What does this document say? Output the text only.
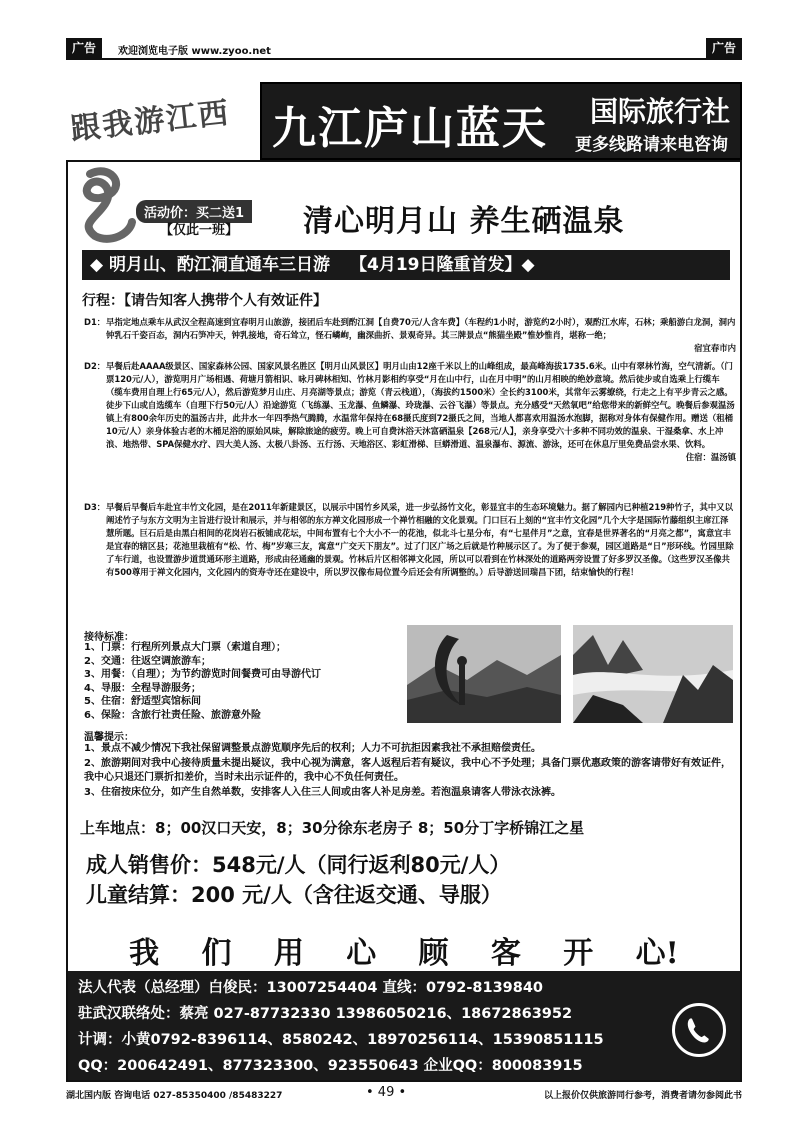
广告	欢迎浏览电子版 www.zyoo.net	广告
跟我游江西 九江庐山蓝天 国际旅行社
更多线路请来电咨询
活动价：买二送1
【仅此一班】 清心明月山 养生硒温泉
◆ 明月山、酌江洞直通车三日游 【4月19日隆重首发】◆
行程：【请告知客人携带个人有效证件】
D1： 早指定地点乘车从武汉全程高速到宜春明月山旅游，接团后车赴到酌江洞【自费70元/人含车费】（车程约1小时，游览约2小时），观酌江水库，石林；乘船游白龙洞，洞内钟乳石千姿百态，洞内石笋冲天，钟乳接地，奇石耸立，怪石嶙峋，幽深曲折、景观奇异。其三牌景点“熊猫坐殿”惟妙惟肖，堪称一绝；
宿宜春市内
D2： 早餐后赴AAAA级景区、国家森林公园、国家风景名胜区【明月山风景区】明月山由12座千米以上的山峰组成，最高峰海拔1735.6米。山中有翠林竹海，空气清新。（门票120元/人），游览明月广场相遇、荷塘月箭相识、咏月碑林相知、竹林月影相约享受“月在山中行，山在月中明”的山月相映的绝妙意境。然后徒步或自选乘上行缆车（缆车费用自理上行65元/人），然后游览梦月山庄、月亮湖等景点；游览（青云栈道），（海拔约1500米）全长约3100米，其常年云雾缭绕，行走之上有平步青云之感。徒步下山或自选缆车（自理下行50元/人）沿途游览（飞练瀑、玉龙瀑、鱼鳞瀑、玲珑瀑、云谷飞瀑）等景点。充分感受“天然氧吧”给您带来的新鲜空气。晚餐后参观温汤镇上有800余年历史的温汤古井，此井水一年四季热气腾腾，水温常年保持在68摄氏度到72摄氏之间，当地人都喜欢用温汤水泡脚，据称对身体有保健作用。赠送（租桶10元/人）亲身体验古老的木桶足浴的原始风味，解除旅途的疲劳。晚上可自费沐浴天沐富硒温泉【268元/人】，亲身享受六十多种不同功效的温泉、干湿桑拿、水上冲浪、地热带、SPA保健水疗、四大美人汤、太极八卦汤、五行汤、天地浴区、彩虹滑梯、巨蟒滑道、温泉瀑布、源流、游泳，还可在休息厅里免费品尝水果、饮料。
住宿：温汤镇
D3： 早餐后早餐后车赴宜丰竹文化园，是在2011年新建景区，以展示中国竹乡风采，进一步弘扬竹文化，彰显宜丰的生态环境魅力。据了解园内已种植219种竹子，其中又以阐述竹子与东方文明为主旨进行设计和展示，并与相邻的东方禅文化园形成一个禅竹相融的文化景观。门口巨石上刻的“宜丰竹文化园”几个大字是国际竹藤组织主席江泽慧所题。巨石后是由黑白相间的花岗岩石板铺成花坛，中间布置有七个大小不一的花池，似北斗七星分布，有“七星伴月”之意，宜春是世界著名的“月亮之都”，寓意宜丰是宜春的辖区县；花池里栽植有“松、竹、梅”岁寒三友，寓意“广交天下朋友”。过了门区广场之后就是竹种展示区了。为了便于参观，园区道路是“日”形环线。竹园里除了车行道，也设置游步道贯通环形主道路，形成由径通幽的景观。竹林后片区相邻禅文化园，所以可以看到在竹林深处的道路两旁设置了好多罗汉圣像。（这些罗汉圣像共有500尊用于禅文化园内，文化园内的资寿寺还在建设中，所以罗汉像布局位置今后还会有所调整的。）后导游送回瑞昌下团，结束愉快的行程！
接待标准：
1、门票：行程所列景点大门票（索道自理）；
2、交通：往返空调旅游车；
3、用餐：（自理）；为节约游览时间餐费可由导游代订
4、导服：全程导游服务；
5、住宿：舒适型宾馆标间
6、保险：含旅行社责任险、旅游意外险
温馨提示：
1、景点不减少情况下我社保留调整景点游览顺序先后的权利；人力不可抗拒因素我社不承担赔偿责任。
2、旅游期间对我中心接待质量未提出疑议，我中心视为满意，客人返程后若有疑议，我中心不予处理；具备门票优惠政策的游客请带好有效证件，我中心只退还门票折扣差价，当时未出示证件的，我中心不负任何责任。
3、住宿按床位分，如产生自然单数，安排客人入住三人间或由客人补足房差。若泡温泉请客人带泳衣泳裤。
上车地点：8；00汉口天安，8；30分徐东老房子 8；50分丁字桥锦江之星
成人销售价：548元/人（同行返利80元/人）
儿童结算：200 元/人（含往返交通、导服）
我 们 用 心 顾 客 开 心!
法人代表（总经理）白俊民：13007254404 直线：0792-8139840
驻武汉联络处：蔡亮 027-87732330 13986050216、18672863952
计调：小黄0792-8396114、8580242、18970256114、15390851115
QQ：200642491、877323300、923550643 企业QQ：800083915
湖北国内版 咨询电话 027-85350400 /85483227	• 49 •	以上报价仅供旅游同行参考，消费者请勿参阅此书
